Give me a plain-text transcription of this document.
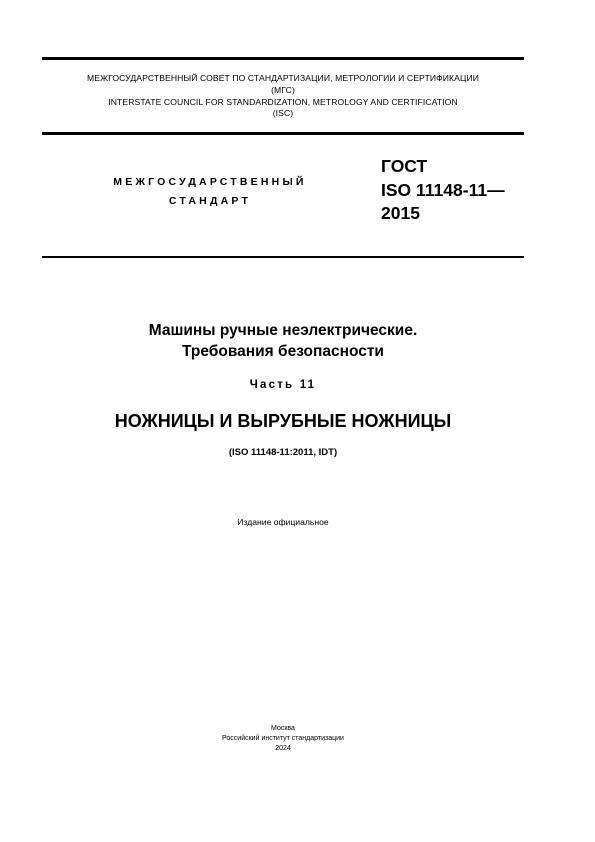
МЕЖГОСУДАРСТВЕННЫЙ СОВЕТ ПО СТАНДАРТИЗАЦИИ, МЕТРОЛОГИИ И СЕРТИФИКАЦИИ
(МГС)
INTERSTATE COUNCIL FOR STANDARDIZATION, METROLOGY AND CERTIFICATION
(ISC)
МЕЖГОСУДАРСТВЕННЫЙ
СТАНДАРТ
ГОСТ
ISO 11148-11—
2015
Машины ручные неэлектрические.
Требования безопасности
Часть 11
НОЖНИЦЫ И ВЫРУБНЫЕ НОЖНИЦЫ
(ISO 11148-11:2011, IDT)
Издание официальное
Москва
Российский институт стандартизации
2024
